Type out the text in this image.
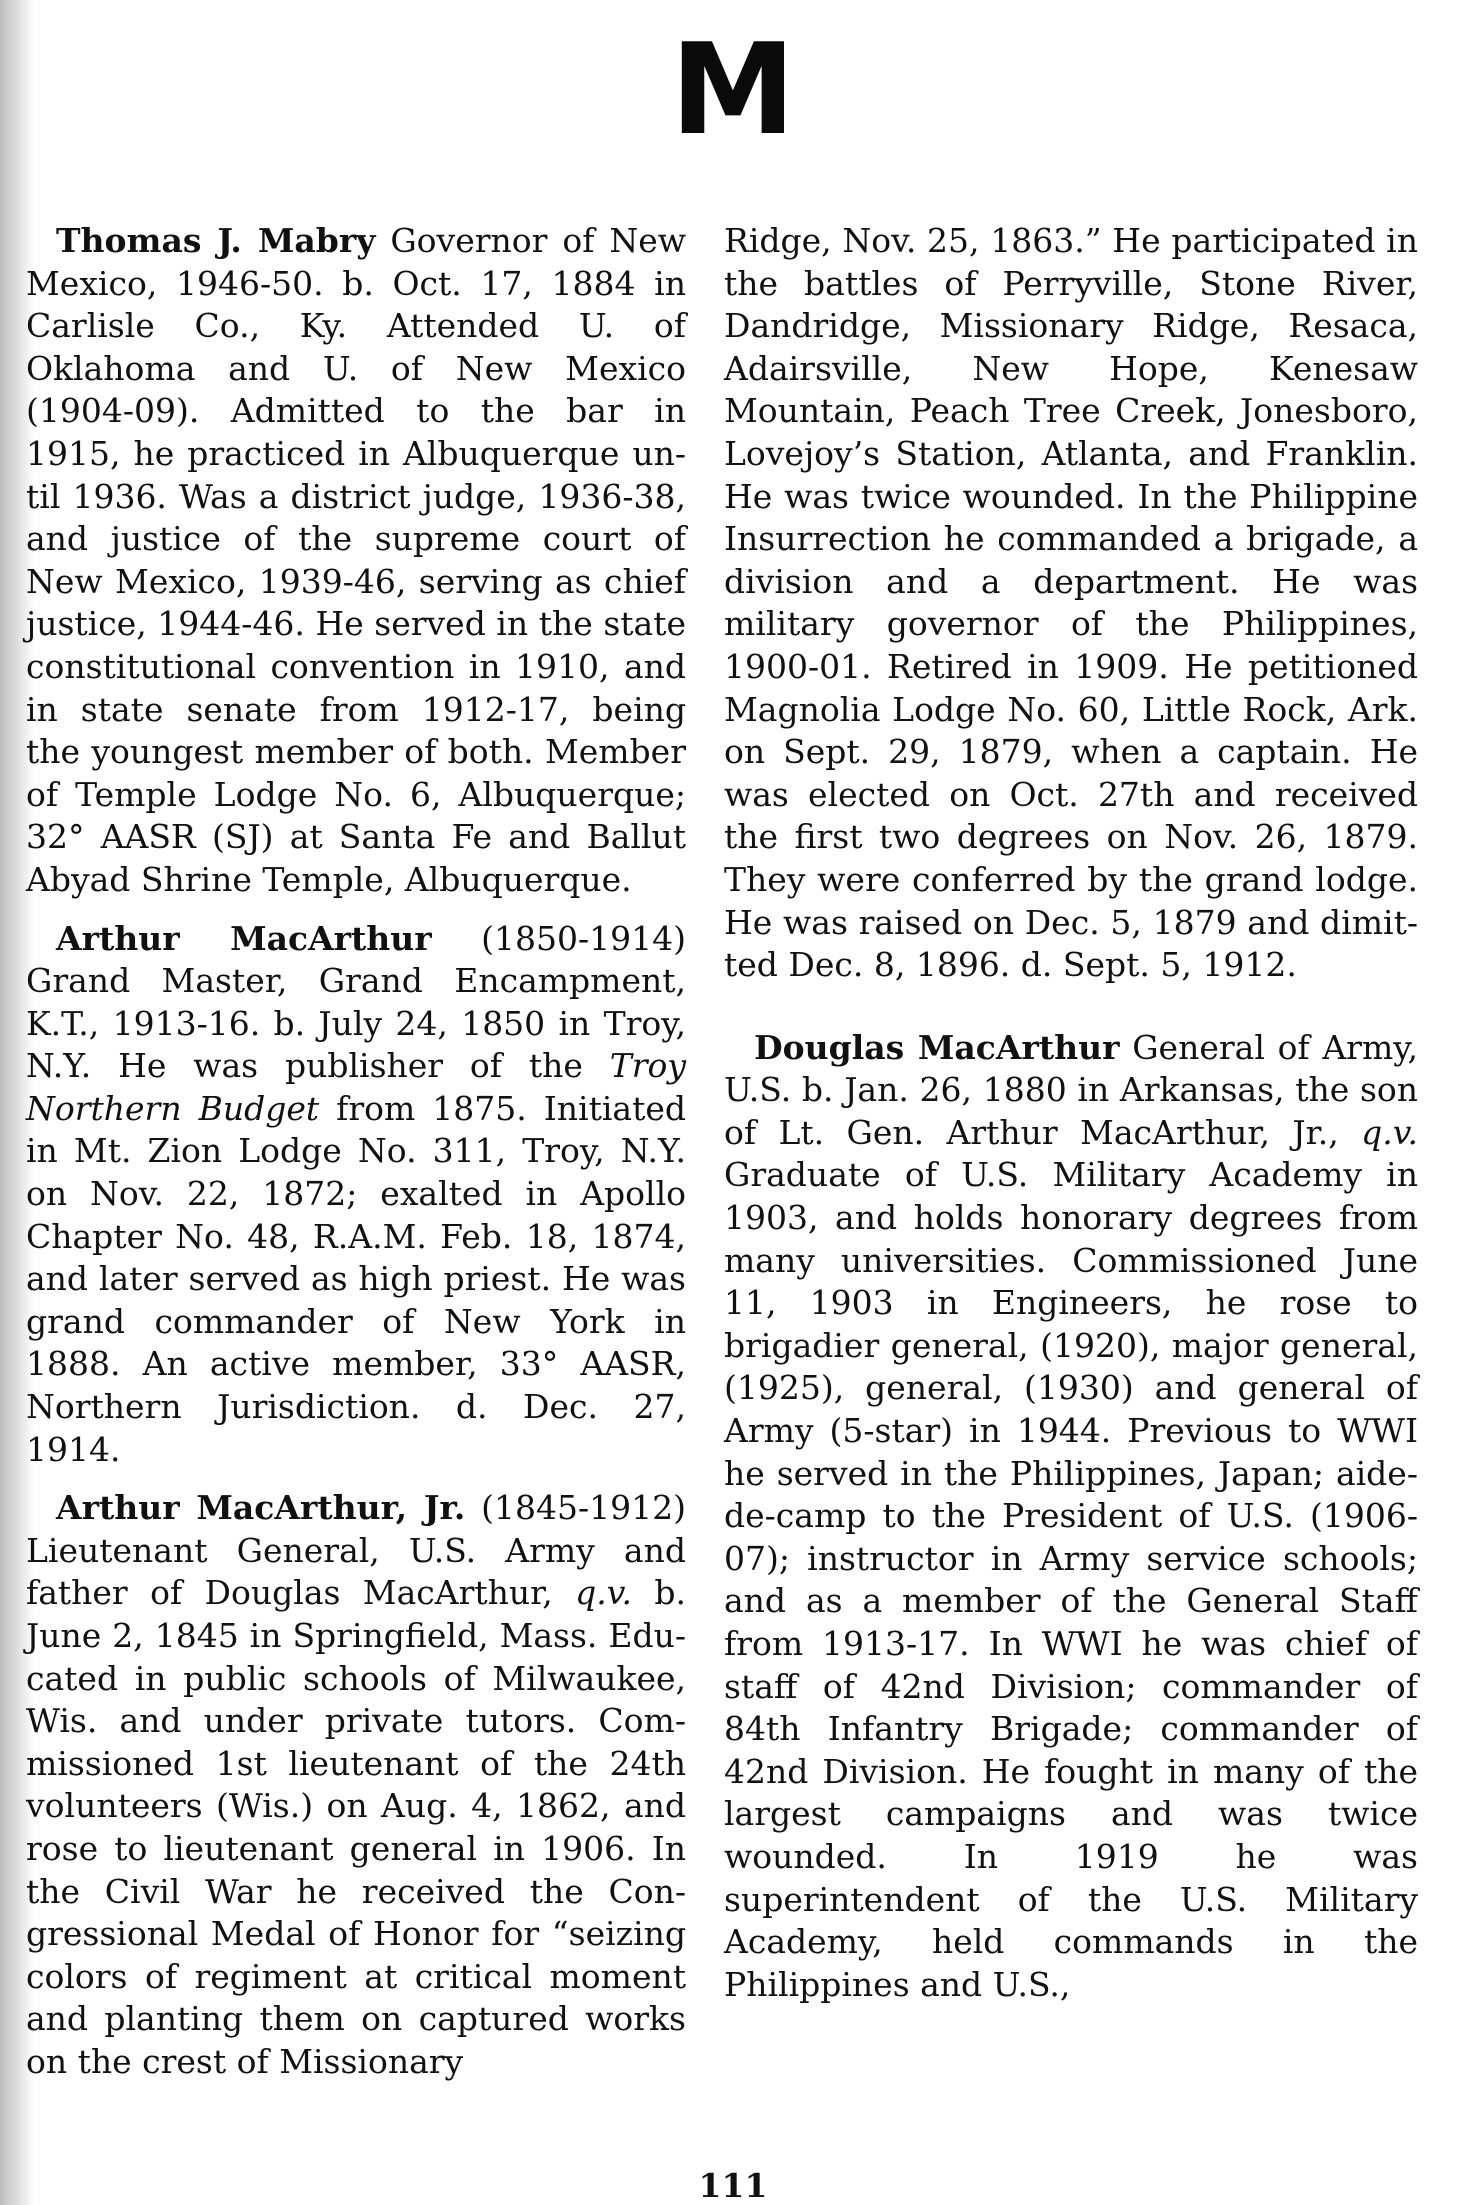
M

Thomas J. Mabry Governor of New Mexico, 1946-50. b. Oct. 17, 1884 in Carlisle Co., Ky. Attended U. of Oklahoma and U. of New Mexico (1904-09). Admitted to the bar in 1915, he practiced in Albuquerque until 1936. Was a district judge, 1936-38, and justice of the supreme court of New Mexico, 1939-46, serving as chief justice, 1944-46. He served in the state constitutional convention in 1910, and in state senate from 1912-17, being the youngest member of both. Member of Temple Lodge No. 6, Albuquerque; 32° AASR (SJ) at Santa Fe and Ballut Abyad Shrine Temple, Albuquerque.

Arthur MacArthur (1850-1914) Grand Master, Grand Encampment, K.T., 1913-16. b. July 24, 1850 in Troy, N.Y. He was publisher of the Troy Northern Budget from 1875. Initiated in Mt. Zion Lodge No. 311, Troy, N.Y. on Nov. 22, 1872; exalted in Apollo Chapter No. 48, R.A.M. Feb. 18, 1874, and later served as high priest. He was grand commander of New York in 1888. An active member, 33° AASR, Northern Jurisdiction. d. Dec. 27, 1914.

Arthur MacArthur, Jr. (1845-1912) Lieutenant General, U.S. Army and father of Douglas MacArthur, q.v. b. June 2, 1845 in Springfield, Mass. Educated in public schools of Milwaukee, Wis. and under private tutors. Commissioned 1st lieutenant of the 24th volunteers (Wis.) on Aug. 4, 1862, and rose to lieutenant general in 1906. In the Civil War he received the Congressional Medal of Honor for “seizing colors of regiment at critical moment and planting them on captured works on the crest of Missionary

Ridge, Nov. 25, 1863.” He participated in the battles of Perryville, Stone River, Dandridge, Missionary Ridge, Resaca, Adairsville, New Hope, Kenesaw Mountain, Peach Tree Creek, Jonesboro, Lovejoy’s Station, Atlanta, and Franklin. He was twice wounded. In the Philippine Insurrection he commanded a brigade, a division and a department. He was military governor of the Philippines, 1900-01. Retired in 1909. He petitioned Magnolia Lodge No. 60, Little Rock, Ark. on Sept. 29, 1879, when a captain. He was elected on Oct. 27th and received the first two degrees on Nov. 26, 1879. They were conferred by the grand lodge. He was raised on Dec. 5, 1879 and dimitted Dec. 8, 1896. d. Sept. 5, 1912.

Douglas MacArthur General of Army, U.S. b. Jan. 26, 1880 in Arkansas, the son of Lt. Gen. Arthur MacArthur, Jr., q.v. Graduate of U.S. Military Academy in 1903, and holds honorary degrees from many universities. Commissioned June 11, 1903 in Engineers, he rose to brigadier general, (1920), major general, (1925), general, (1930) and general of Army (5-star) in 1944. Previous to WWI he served in the Philippines, Japan; aide-de-camp to the President of U.S. (1906-07); instructor in Army service schools; and as a member of the General Staff from 1913-17. In WWI he was chief of staff of 42nd Division; commander of 84th Infantry Brigade; commander of 42nd Division. He fought in many of the largest campaigns and was twice wounded. In 1919 he was superintendent of the U.S. Military Academy, held commands in the Philippines and U.S.,

111
